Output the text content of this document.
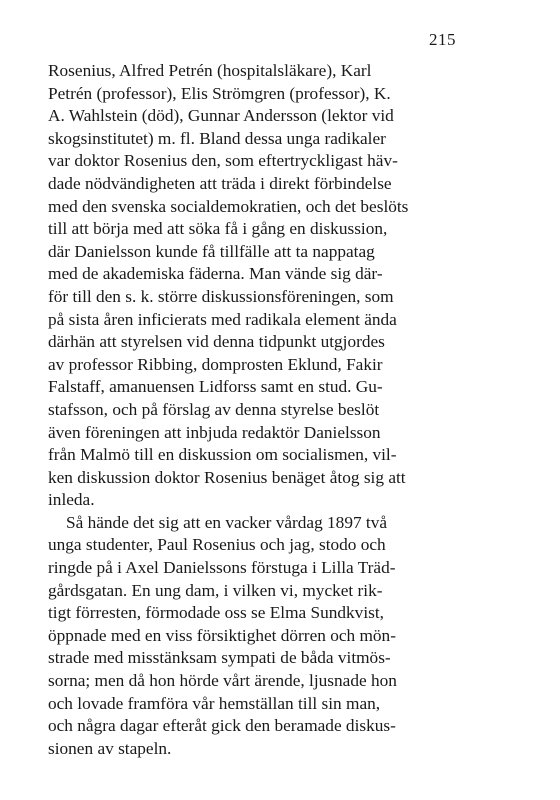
215
Rosenius, Alfred Petrén (hospitalsläkare), Karl
Petrén (professor), Elis Strömgren (professor), K.
A. Wahlstein (död), Gunnar Andersson (lektor vid
skogsinstitutet) m. fl. Bland dessa unga radikaler
var doktor Rosenius den, som eftertryckligast häv-
dade nödvändigheten att träda i direkt förbindelse
med den svenska socialdemokratien, och det beslöts
till att börja med att söka få i gång en diskussion,
där Danielsson kunde få tillfälle att ta nappatag
med de akademiska fäderna. Man vände sig där-
för till den s. k. större diskussionsföreningen, som
på sista åren inficierats med radikala element ända
därhän att styrelsen vid denna tidpunkt utgjordes
av professor Ribbing, domprosten Eklund, Fakir
Falstaff, amanuensen Lidforss samt en stud. Gu-
stafsson, och på förslag av denna styrelse beslöt
även föreningen att inbjuda redaktör Danielsson
från Malmö till en diskussion om socialismen, vil-
ken diskussion doktor Rosenius benäget åtog sig att
inleda.
Så hände det sig att en vacker vårdag 1897 två
unga studenter, Paul Rosenius och jag, stodo och
ringde på i Axel Danielssons förstuga i Lilla Träd-
gårdsgatan. En ung dam, i vilken vi, mycket rik-
tigt förresten, förmodade oss se Elma Sundkvist,
öppnade med en viss försiktighet dörren och mön-
strade med misstänksam sympati de båda vitmös-
sorna; men då hon hörde vårt ärende, ljusnade hon
och lovade framföra vår hemställan till sin man,
och några dagar efteråt gick den beramade diskus-
sionen av stapeln.
